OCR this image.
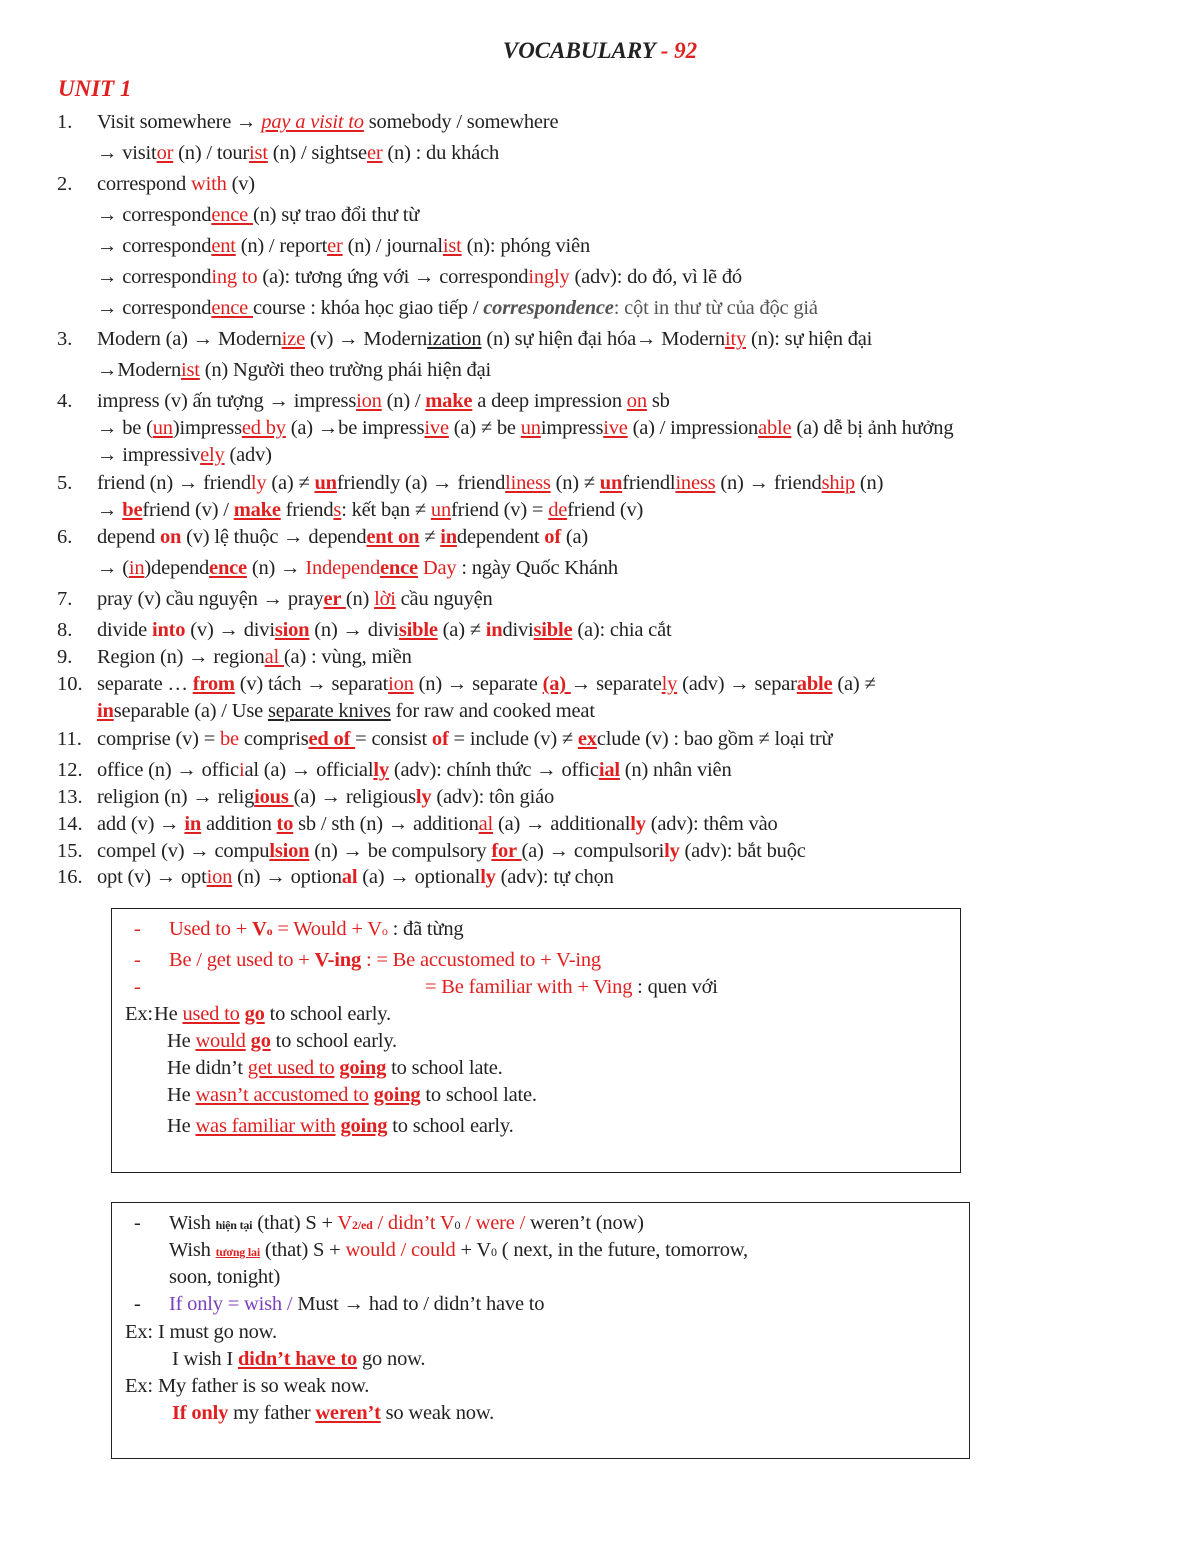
VOCABULARY - 92
UNIT 1
1.
2.
3.
4.
5.
6.
7.
8.
9.
10.
11.
12.
13.
14.
15.
16.
Visit somewhere → pay a visit to somebody / somewhere
→ visitor (n) / tourist (n) / sightseer (n) : du khách
correspond with (v)
→ correspondence (n) sự trao đổi thư từ
→ correspondent (n) / reporter (n) / journalist (n): phóng viên
→ corresponding to (a): tương ứng với → correspondingly (adv): do đó, vì lẽ đó
→ correspondence course : khóa học giao tiếp / correspondence: cột in thư từ của độc giả
Modern (a) → Modernize (v) → Modernization (n) sự hiện đại hóa→ Modernity (n): sự hiện đại
→Modernist (n) Người theo trường phái hiện đại
impress (v) ấn tượng → impression (n) / make a deep impression on sb
→ be (un)impressed by (a) →be impressive (a) ≠ be unimpressive (a) / impressionable (a) dễ bị ảnh hưởng
→ impressively (adv)
friend (n) → friendly (a) ≠ unfriendly (a) → friendliness (n) ≠ unfriendliness (n) → friendship (n)
→ befriend (v) / make friends: kết bạn ≠ unfriend (v) = defriend (v)
depend on (v) lệ thuộc → dependent on ≠ independent of (a)
→ (in)dependence (n) → Independence Day : ngày Quốc Khánh
pray (v) cầu nguyện → prayer (n) lời cầu nguyện
divide into (v) → division (n) → divisible (a) ≠ indivisible (a): chia cắt
Region (n) → regional (a) : vùng, miền
separate … from (v) tách → separation (n) → separate (a) → separately (adv) → separable (a) ≠
inseparable (a) / Use separate knives for raw and cooked meat
comprise (v) = be comprised of = consist of = include (v) ≠ exclude (v) : bao gồm ≠ loại trừ
office (n) → official (a) → officially (adv): chính thức → official (n) nhân viên
religion (n) → religious (a) → religiously (adv): tôn giáo
add (v) → in addition to sb / sth (n) → additional (a) → additionally (adv): thêm vào
compel (v) → compulsion (n) → be compulsory for (a) → compulsorily (adv): bắt buộc
opt (v) → option (n) → optional (a) → optionally (adv): tự chọn
- Used to + Vo = Would + Vo : đã từng
- Be / get used to + V-ing : = Be accustomed to + V-ing
-	= Be familiar with + Ving : quen với
Ex: He used to go to school early.
He would go to school early.
He didn’t get used to going to school late.
He wasn’t accustomed to going to school late.
He was familiar with going to school early.
- Wish hiện tại (that) S + V2/ed / didn’t V0 / were / weren’t (now)
Wish tương lai (that) S + would / could + V0 ( next, in the future, tomorrow,
soon, tonight)
- If only = wish / Must → had to / didn’t have to
Ex: I must go now.
I wish I didn’t have to go now.
Ex: My father is so weak now.
If only my father weren’t so weak now.
